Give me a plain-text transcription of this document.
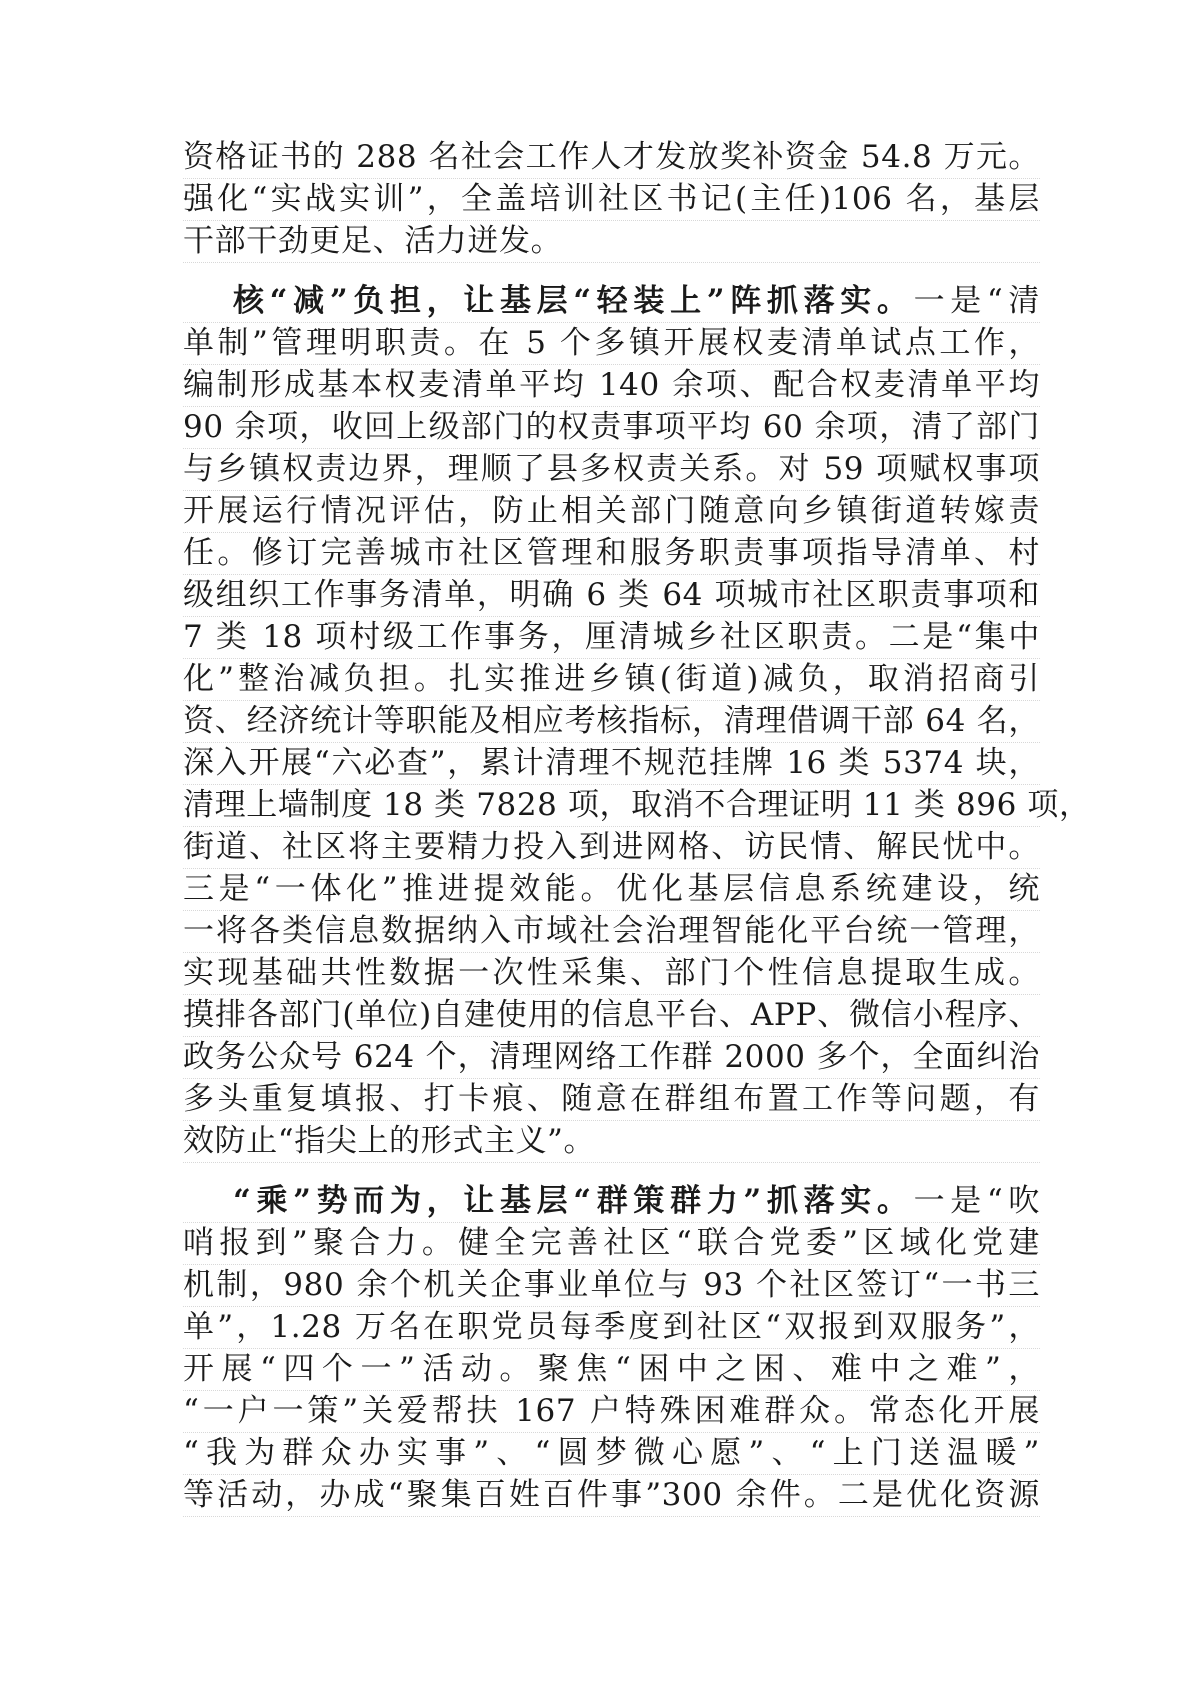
资格证书的 288 名社会工作人才发放奖补资金 54.8 万元。
强化“实战实训”，全盖培训社区书记(主任)106 名，基层
干部干劲更足、活力迸发。
核“减”负担，让基层“轻装上”阵抓落实。一是“清
单制”管理明职责。在 5 个多镇开展权麦清单试点工作，
编制形成基本权麦清单平均 140 余项、配合权麦清单平均
90 余项，收回上级部门的权责事项平均 60 余项，清了部门
与乡镇权责边界，理顺了县多权责关系。对 59 项赋权事项
开展运行情况评估，防止相关部门随意向乡镇街道转嫁责
任。修订完善城市社区管理和服务职责事项指导清单、村
级组织工作事务清单，明确 6 类 64 项城市社区职责事项和
7 类 18 项村级工作事务，厘清城乡社区职责。二是“集中
化”整治减负担。扎实推进乡镇(街道)减负，取消招商引
资、经济统计等职能及相应考核指标，清理借调干部 64 名，
深入开展“六必查”，累计清理不规范挂牌 16 类 5374 块，
清理上墙制度 18 类 7828 项，取消不合理证明 11 类 896 项，
街道、社区将主要精力投入到进网格、访民情、解民忧中。
三是“一体化”推进提效能。优化基层信息系统建设，统
一将各类信息数据纳入市域社会治理智能化平台统一管理，
实现基础共性数据一次性采集、部门个性信息提取生成。
摸排各部门(单位)自建使用的信息平台、APP、微信小程序、
政务公众号 624 个，清理网络工作群 2000 多个，全面纠治
多头重复填报、打卡痕、随意在群组布置工作等问题，有
效防止“指尖上的形式主义”。
“乘”势而为，让基层“群策群力”抓落实。一是“吹
哨报到”聚合力。健全完善社区“联合党委”区域化党建
机制，980 余个机关企事业单位与 93 个社区签订“一书三
单”，1.28 万名在职党员每季度到社区“双报到双服务”，
开展“四个一”活动。聚焦“困中之困、难中之难”，
“一户一策”关爱帮扶 167 户特殊困难群众。常态化开展
“我为群众办实事”、“圆梦微心愿”、“上门送温暖”
等活动，办成“聚集百姓百件事”300 余件。二是优化资源
